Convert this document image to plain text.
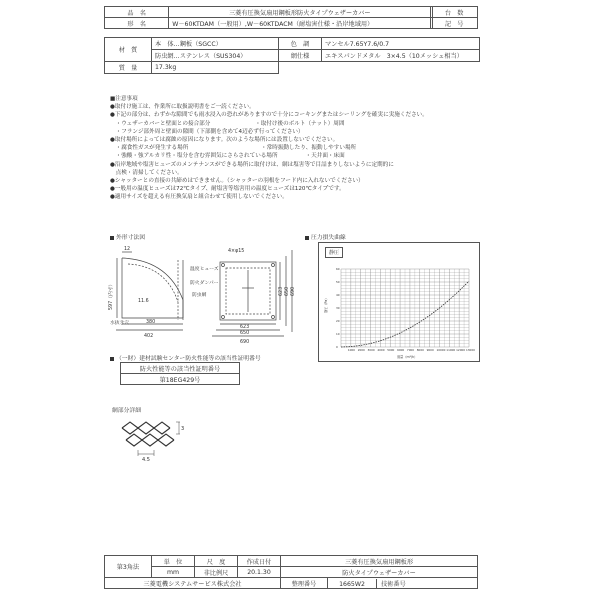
品　名	三菱有圧換気扇用鋼板形防火タイプウェザーカバー	台　数
形　名	W－60KTDAM（一般用）,W－60KTDACM（耐塩害仕様・沿岸地域用）	記　号
材　質	本　体…鋼板（SGCC）	色　調	マンセル7.65Y7.6/0.7
	防虫網…ステンレス（SUS304）	網仕様	エキスパンドメタル　3×4.5（10メッシュ相当）
質　量	17.3kg		
■注意事項
●取付け施工は、作業所に取扱説明書をご一読ください。
●下記の部分は、わずかな隙間でも雨水浸入の恐れがありますので十分にコーキングまたはシーリングを確実に実施ください。
　・ウェザーカバーと壁面との接合部分　　　　　　　　・取付け後のボルト（ナット）周囲
　・フランジ部外周と壁面の隙間（下部側を含めて4辺必ず行ってください）
●取付場所によっては腐蝕の原因になります。次のような場所には設置しないでください。
　・腐食性ガスが発生する場所　　　　　　　　　　　　　・常時振動したり、振動しやすい場所
　・強酸・強アルカリ性・塩分を含む雰囲気にさらされている場所　　　　　・天井面・床面
●沿岸地域や塩害ヒューズのメンテナンスができる場所に取付けは、網は塩害等で目詰まりしないように定期的に
　点検・清掃してください。
●シャッターとの直接の共締めはできません。（シャッターの羽根をフード内に入れないでください）
●一般用の温度ヒューズは72℃タイプ、耐塩害等塩害用の温度ヒューズは120℃タイプです。
●適用サイズを超える有圧換気扇と組合わせて使用しないでください。
外形寸法図
12
597（内寸）	11.6
380
402
4×φ15
623
650
690
623 650 690
温度ヒューズ
防虫網
防火ダンパー
水抜き穴
圧力損失曲線
静圧
1000 2000 3000 4000 5000 6000 7000 8000 9000 10000 11000 12000 13000
0
10
20
30
40
50
60
静圧（Pa）
風量（m³/h）
（一財）建材試験センター防火性能等の該当性証明番号
防火性能等の該当性証明番号
第18EG429号
網部分詳細
4.5
3
第3角法	単　位	尺　度	作成日付	三菱有圧換気扇用鋼板形	
	mm	非比例尺	20.1.30	防火タイプウェザーカバー	
三菱電機システムサービス株式会社				整理番号	1665W2 技術番号
